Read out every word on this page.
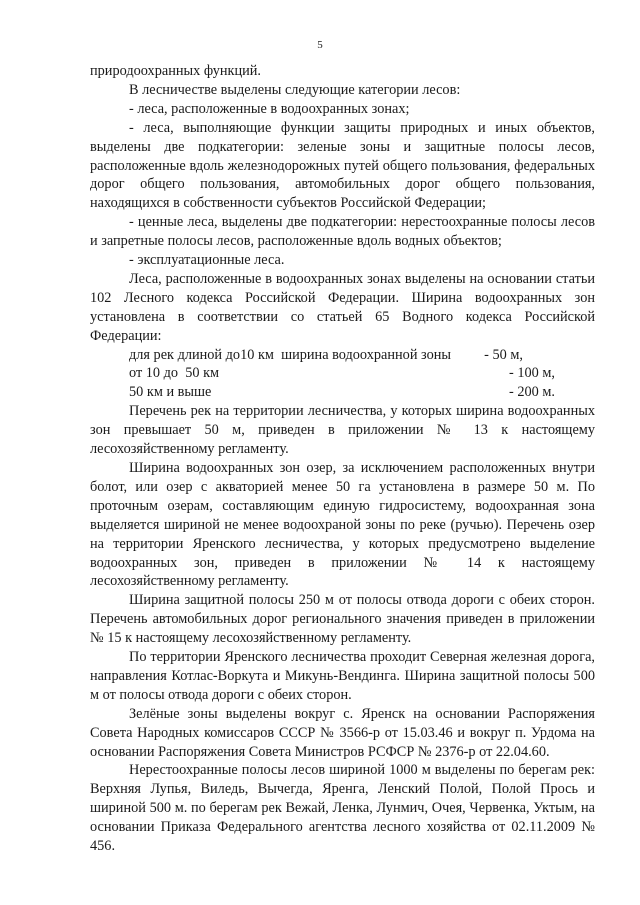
5

природоохранных функций.

В лесничестве выделены следующие категории лесов:

- леса, расположенные в водоохранных зонах;

- леса, выполняющие функции защиты природных и иных объектов, выделены две подкатегории: зеленые зоны и защитные полосы лесов, расположенные вдоль железнодорожных путей общего пользования, федеральных дорог общего пользования, автомобильных дорог общего пользования, находящихся в собственности субъектов Российской Федерации;

- ценные леса, выделены две подкатегории: нерестоохранные полосы лесов и запретные полосы лесов, расположенные вдоль водных объектов;

- эксплуатационные леса.

Леса, расположенные в водоохранных зонах выделены на основании статьи 102 Лесного кодекса Российской Федерации. Ширина водоохранных зон установлена в соответствии со статьей 65 Водного кодекса Российской Федерации:

для рек длиной до10 км  ширина водоохранной зоны - 50 м,
от 10 до  50 км	- 100 м,
50 км и выше	- 200 м.

Перечень рек на территории лесничества, у которых ширина водоохранных зон превышает 50 м, приведен в приложении № 13 к настоящему лесохозяйственному регламенту.

Ширина водоохранных зон озер, за исключением расположенных внутри болот, или озер с акваторией менее 50 га установлена в размере 50 м. По проточным озерам, составляющим единую гидросистему, водоохранная зона выделяется шириной не менее водоохраной зоны по реке (ручью). Перечень озер на территории Яренского лесничества, у которых предусмотрено выделение водоохранных зон, приведен в приложении № 14 к настоящему лесохозяйственному регламенту.

Ширина защитной полосы 250 м от полосы отвода дороги с обеих сторон. Перечень автомобильных дорог регионального значения приведен в приложении № 15 к настоящему лесохозяйственному регламенту.

По территории Яренского лесничества проходит Северная железная дорога, направления Котлас-Воркута и Микунь-Вендинга. Ширина защитной полосы 500 м от полосы отвода дороги с обеих сторон.

Зелёные зоны выделены вокруг с. Яренск на основании Распоряжения Совета Народных комиссаров СССР № 3566-р от 15.03.46 и вокруг п. Урдома на основании Распоряжения Совета Министров РСФСР № 2376-р от 22.04.60.

Нерестоохранные полосы лесов шириной 1000 м выделены по берегам рек: Верхняя Лупья, Виледь, Вычегда, Яренга, Ленский Полой, Полой Прось и шириной 500 м. по берегам рек Вежай, Ленка, Лунмич, Очея, Червенка, Уктым, на основании Приказа Федерального агентства лесного хозяйства от 02.11.2009 № 456.
